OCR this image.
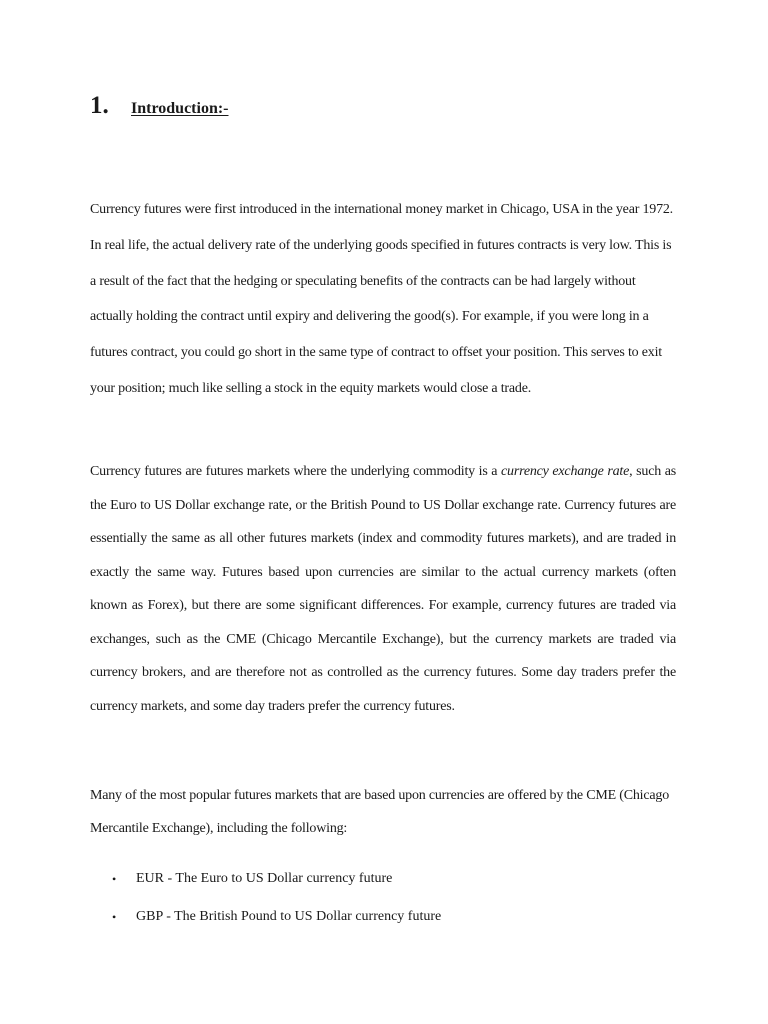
1.	Introduction:-

Currency futures were first introduced in the international money market in Chicago, USA in the year 1972. In real life, the actual delivery rate of the underlying goods specified in futures contracts is very low. This is a result of the fact that the hedging or speculating benefits of the contracts can be had largely without actually holding the contract until expiry and delivering the good(s). For example, if you were long in a futures contract, you could go short in the same type of contract to offset your position. This serves to exit your position; much like selling a stock in the equity markets would close a trade.

Currency futures are futures markets where the underlying commodity is a currency exchange rate, such as the Euro to US Dollar exchange rate, or the British Pound to US Dollar exchange rate. Currency futures are essentially the same as all other futures markets (index and commodity futures markets), and are traded in exactly the same way. Futures based upon currencies are similar to the actual currency markets (often known as Forex), but there are some significant differences. For example, currency futures are traded via exchanges, such as the CME (Chicago Mercantile Exchange), but the currency markets are traded via currency brokers, and are therefore not as controlled as the currency futures. Some day traders prefer the currency markets, and some day traders prefer the currency futures.

Many of the most popular futures markets that are based upon currencies are offered by the CME (Chicago Mercantile Exchange), including the following:

• EUR - The Euro to US Dollar currency future
• GBP - The British Pound to US Dollar currency future
